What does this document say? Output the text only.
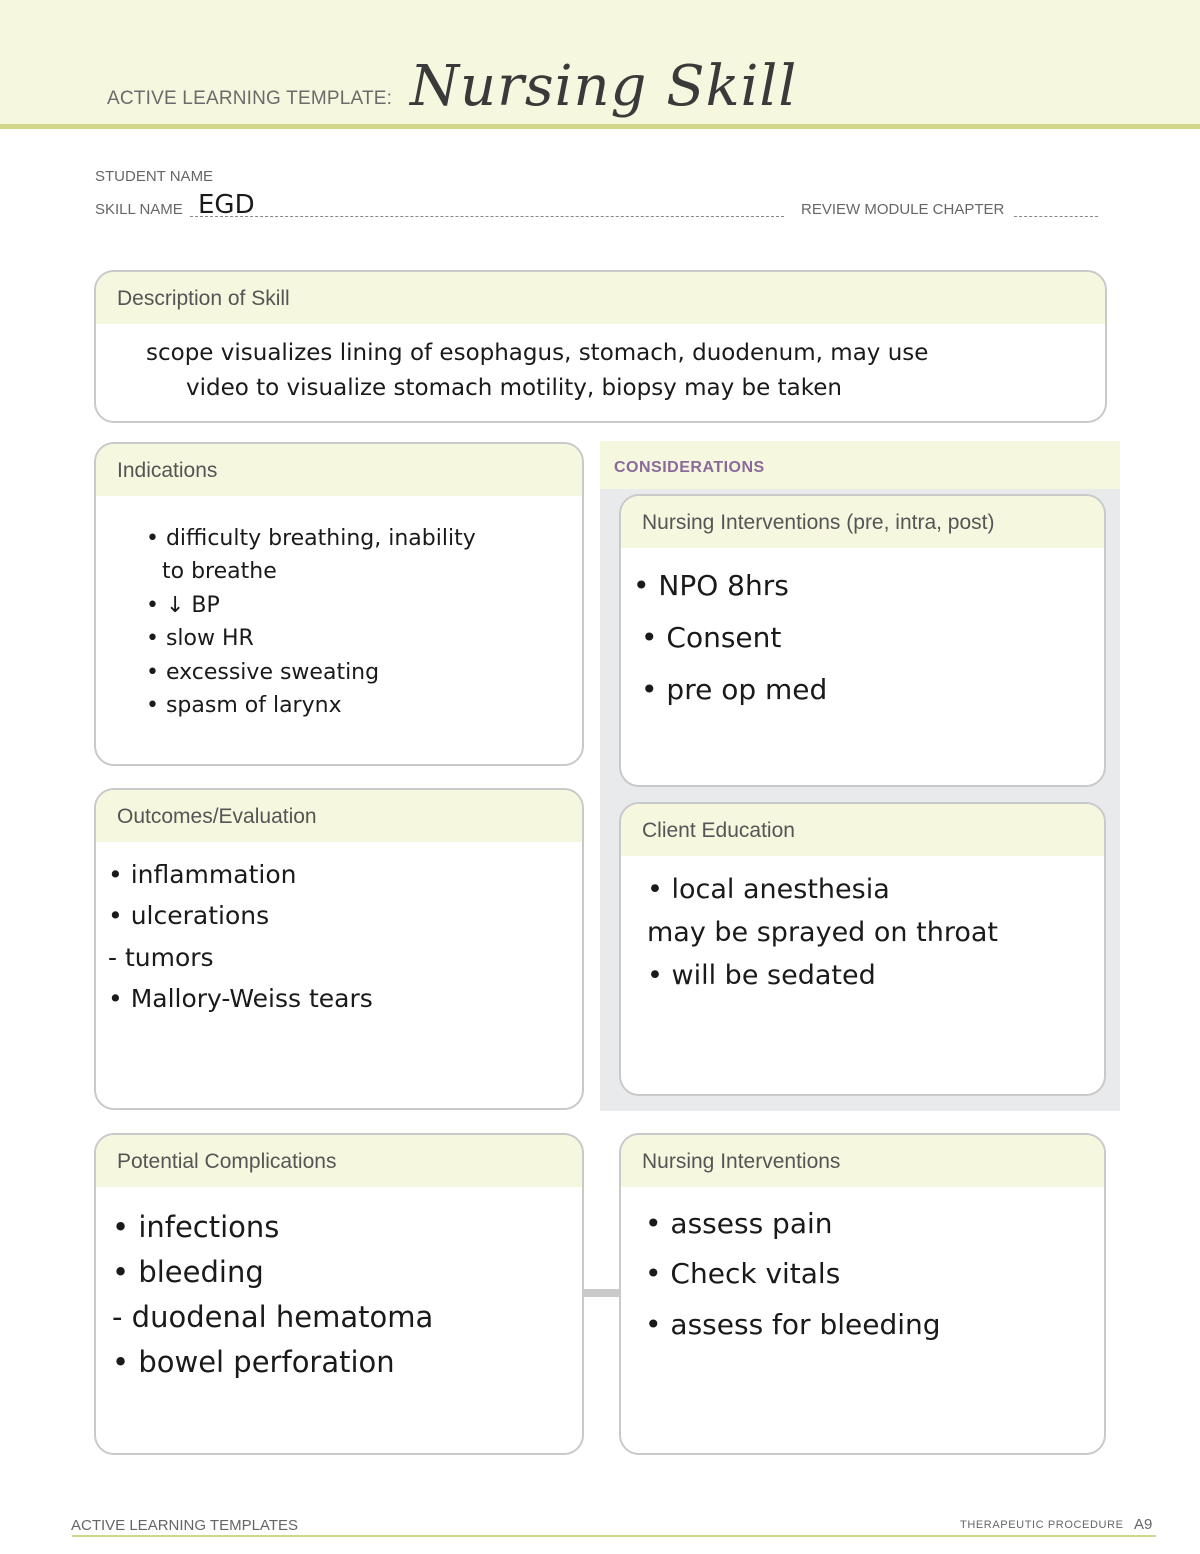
ACTIVE LEARNING TEMPLATE: Nursing Skill
STUDENT NAME
SKILL NAME EGD	REVIEW MODULE CHAPTER
Description of Skill
scope visualizes lining of esophagus, stomach, duodenum, may use
video to visualize stomach motility, biopsy may be taken
CONSIDERATIONS
Indications
• difficulty breathing, inability
to breathe
• ↓ BP
• slow HR
• excessive sweating
• spasm of larynx
Nursing Interventions (pre, intra, post)
• NPO 8hrs
• Consent
• pre op med
Outcomes/Evaluation
• inflammation
• ulcerations
- tumors
• Mallory-Weiss tears
Client Education
• local anesthesia
may be sprayed on throat
• will be sedated
Potential Complications
• infections
• bleeding
- duodenal hematoma
• bowel perforation
Nursing Interventions
• assess pain
• Check vitals
• assess for bleeding
ACTIVE LEARNING TEMPLATES	THERAPEUTIC PROCEDURE A9
